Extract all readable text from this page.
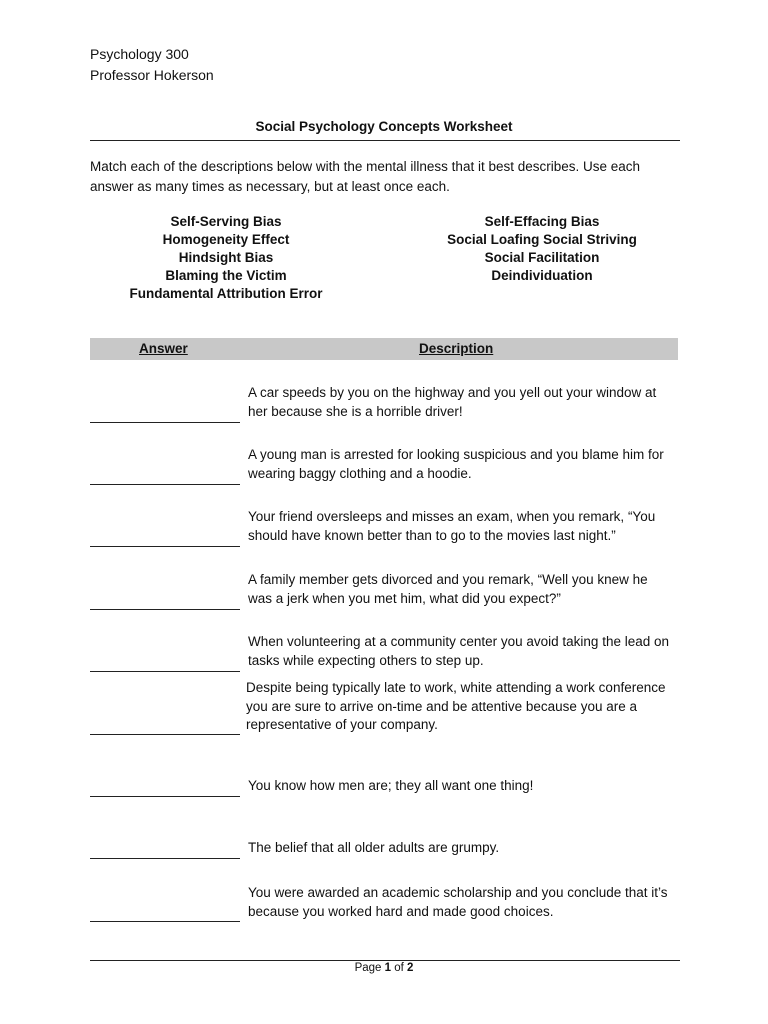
Psychology 300
Professor Hokerson
Social Psychology Concepts Worksheet
Match each of the descriptions below with the mental illness that it best describes. Use each answer as many times as necessary, but at least once each.
Self-Serving Bias
Homogeneity Effect
Hindsight Bias
Blaming the Victim
Fundamental Attribution Error
Self-Effacing Bias
Social Loafing Social Striving
Social Facilitation
Deindividuation
Answer	Description
A car speeds by you on the highway and you yell out your window at her because she is a horrible driver!
A young man is arrested for looking suspicious and you blame him for wearing baggy clothing and a hoodie.
Your friend oversleeps and misses an exam, when you remark, “You should have known better than to go to the movies last night.”
A family member gets divorced and you remark, “Well you knew he was a jerk when you met him, what did you expect?”
When volunteering at a community center you avoid taking the lead on tasks while expecting others to step up.
Despite being typically late to work, white attending a work conference you are sure to arrive on-time and be attentive because you are a representative of your company.
You know how men are; they all want one thing!
The belief that all older adults are grumpy.
You were awarded an academic scholarship and you conclude that it’s because you worked hard and made good choices.
Page 1 of 2
